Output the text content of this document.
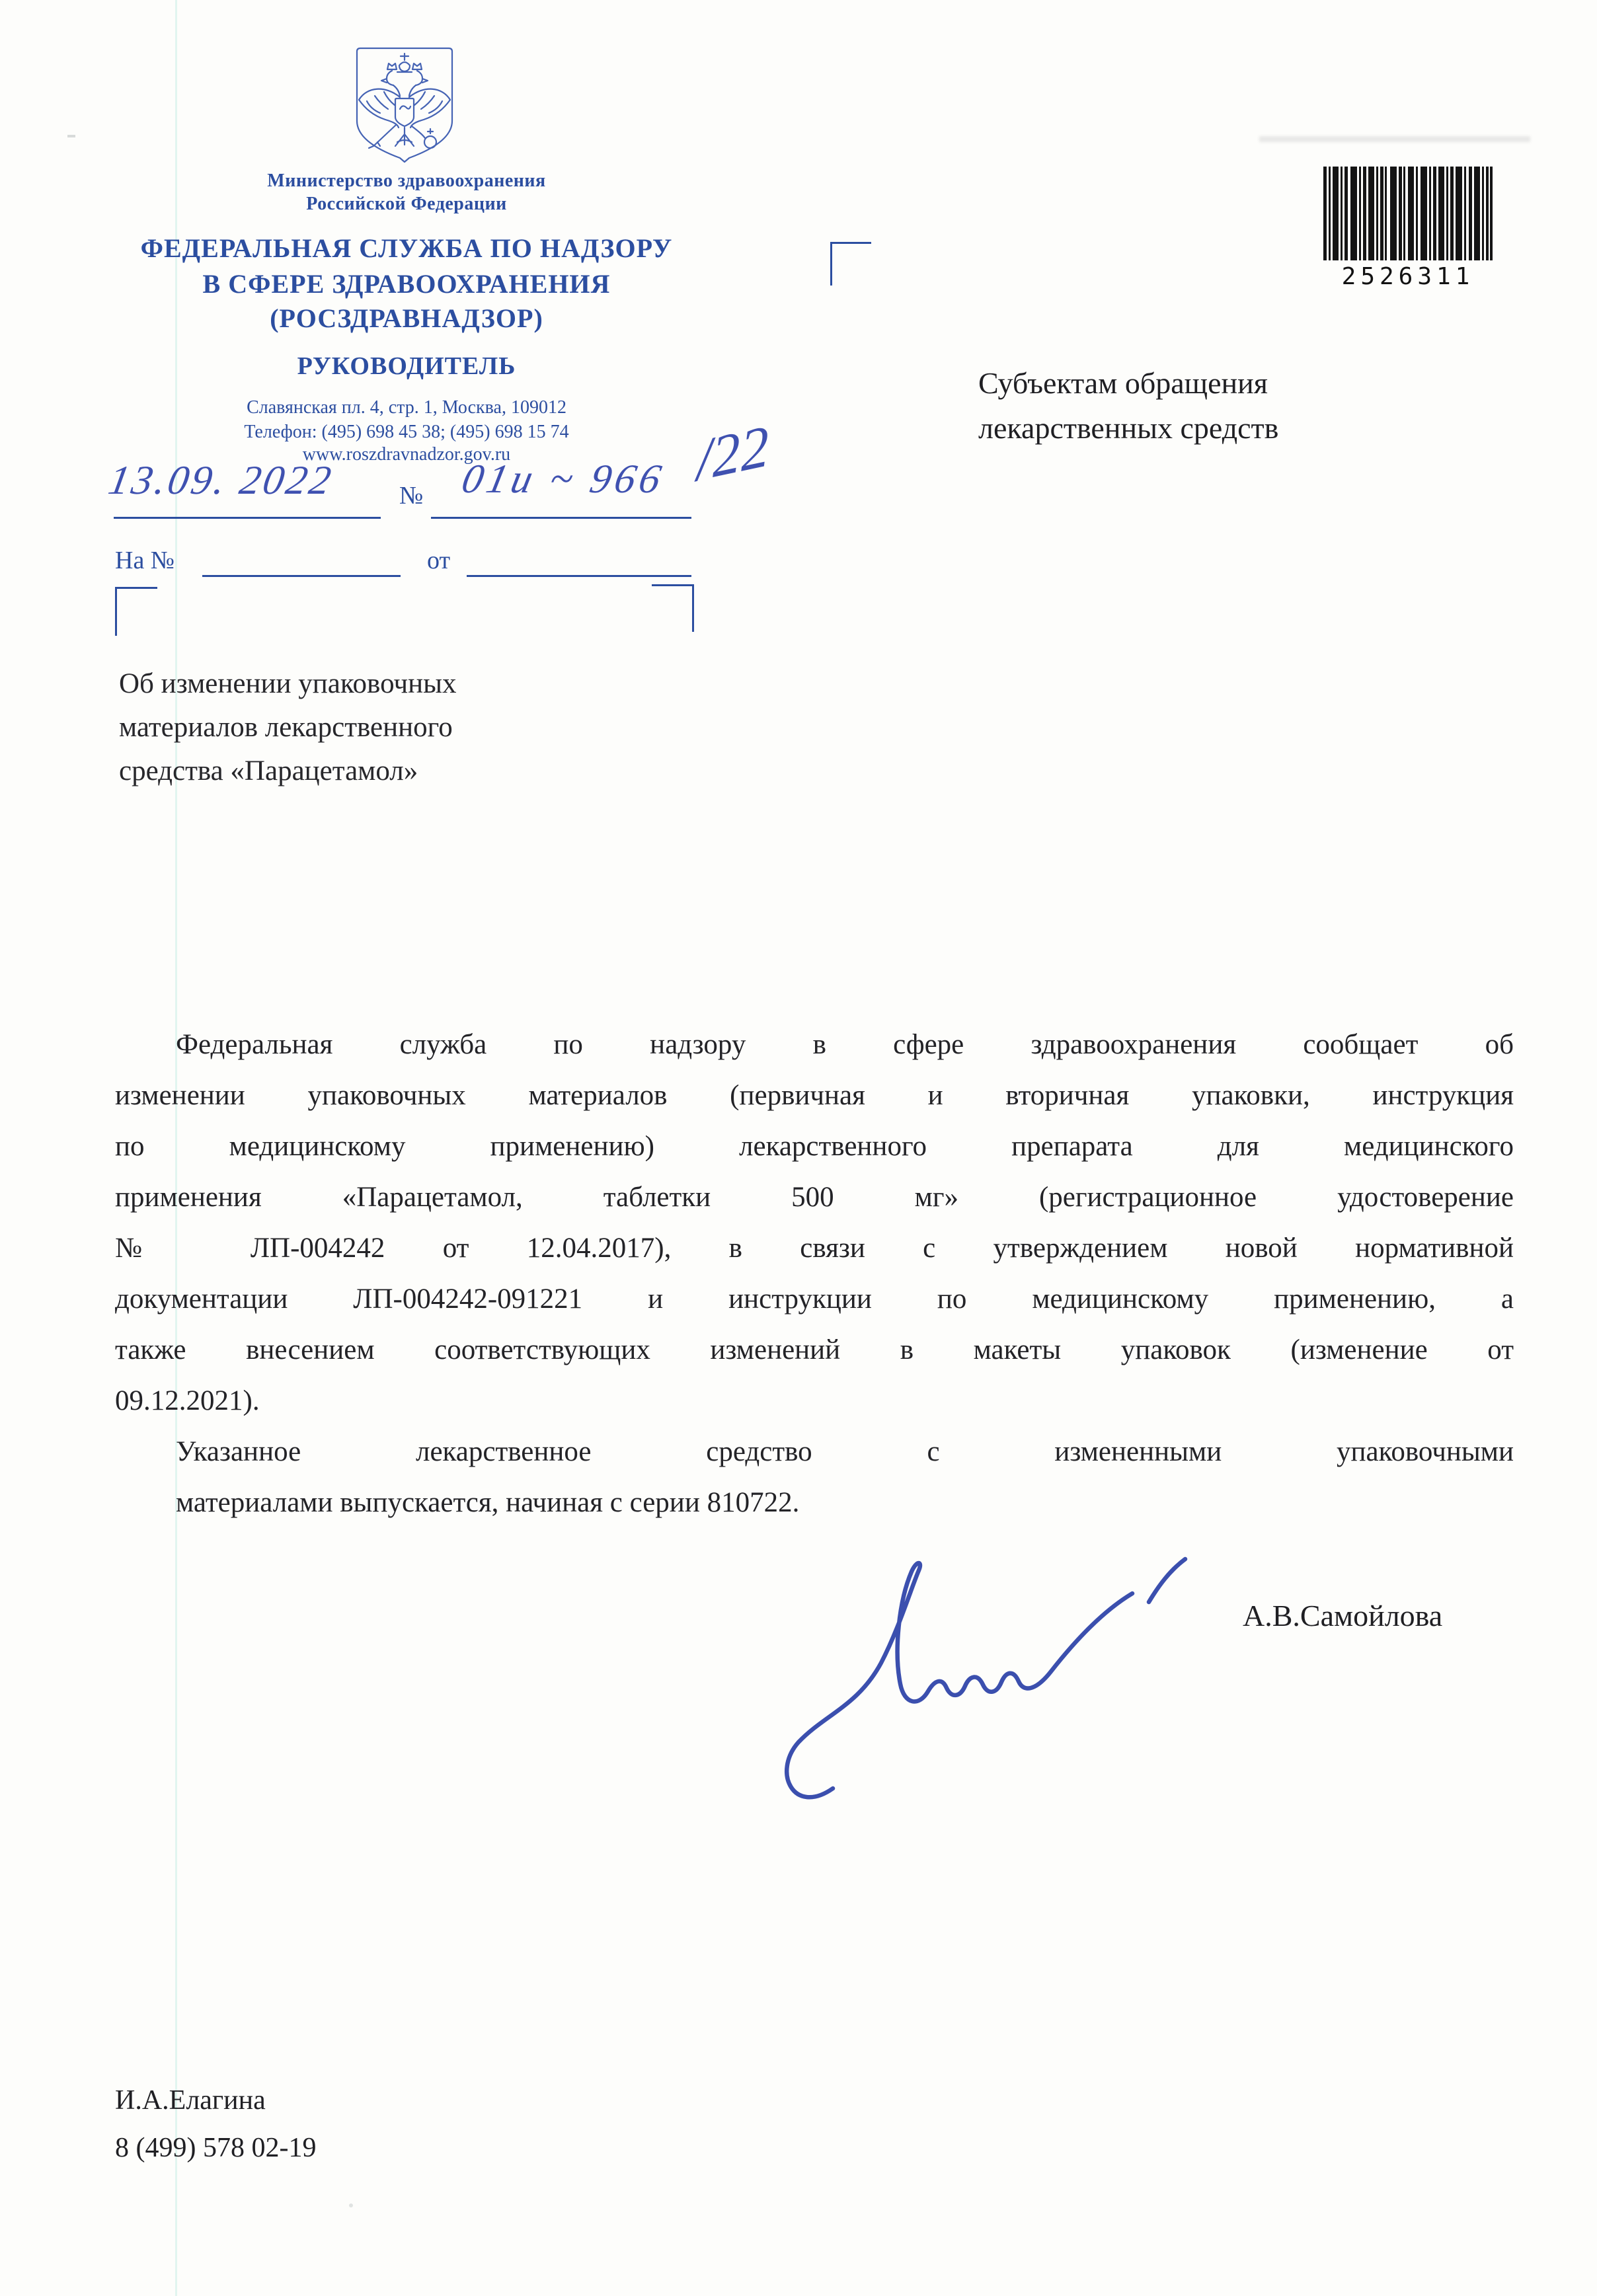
Министерство здравоохранения
Российской Федерации
ФЕДЕРАЛЬНАЯ СЛУЖБА ПО НАДЗОРУ
В СФЕРЕ ЗДРАВООХРАНЕНИЯ
(РОСЗДРАВНАДЗОР)
РУКОВОДИТЕЛЬ
Славянская пл. 4, стр. 1, Москва, 109012
Телефон: (495) 698 45 38; (495) 698 15 74
www.roszdravnadzor.gov.ru
13.09. 2022 № 01и ~ 966 /22
На №	от
2526311
Субъектам обращения
лекарственных средств
Об изменении упаковочных
материалов лекарственного
средства «Парацетамол»
Федеральная служба по надзору в сфере здравоохранения сообщает об
изменении упаковочных материалов (первичная и вторичная упаковки, инструкция
по медицинскому применению) лекарственного препарата для медицинского
применения «Парацетамол, таблетки 500 мг» (регистрационное удостоверение
№ ЛП-004242 от 12.04.2017), в связи с утверждением новой нормативной
документации ЛП-004242-091221 и инструкции по медицинскому применению, а
также внесением соответствующих изменений в макеты упаковок (изменение от
09.12.2021).
Указанное лекарственное средство с измененными упаковочными
материалами выпускается, начиная с серии 810722.
А.В.Самойлова
И.А.Елагина
8 (499) 578 02-19
